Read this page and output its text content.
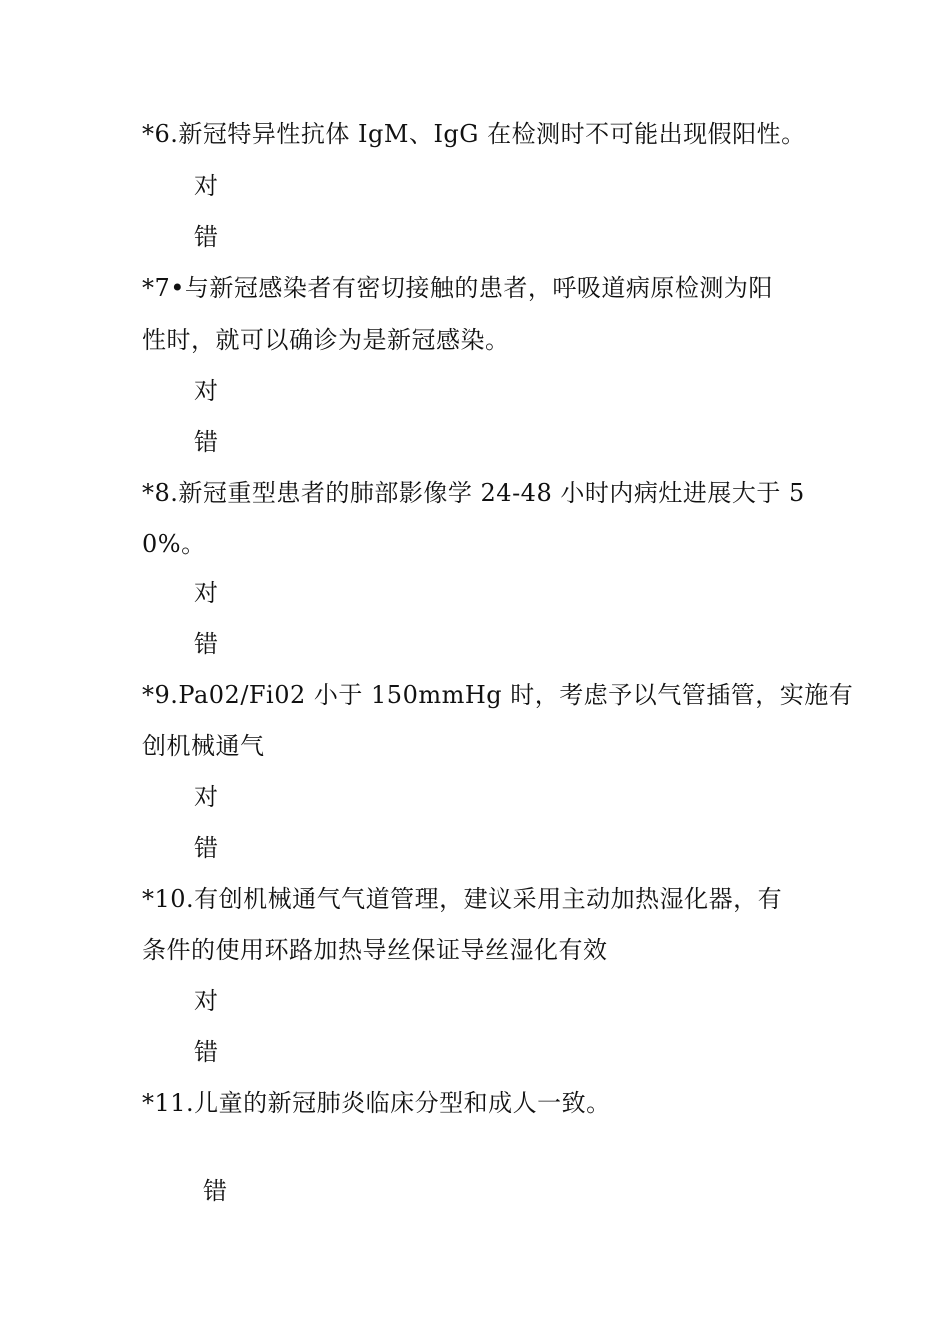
*6.新冠特异性抗体 IgM、IgG 在检测时不可能出现假阳性。
对
错
*7•与新冠感染者有密切接触的患者，呼吸道病原检测为阳
性时，就可以确诊为是新冠感染。
对
错
*8.新冠重型患者的肺部影像学 24-48 小时内病灶进展大于 5
0%。
对
错
*9.Pa02/Fi02 小于 150mmHg 时，考虑予以气管插管，实施有
创机械通气
对
错
*10.有创机械通气气道管理，建议采用主动加热湿化器，有
条件的使用环路加热导丝保证导丝湿化有效
对
错
*11.儿童的新冠肺炎临床分型和成人一致。
错
